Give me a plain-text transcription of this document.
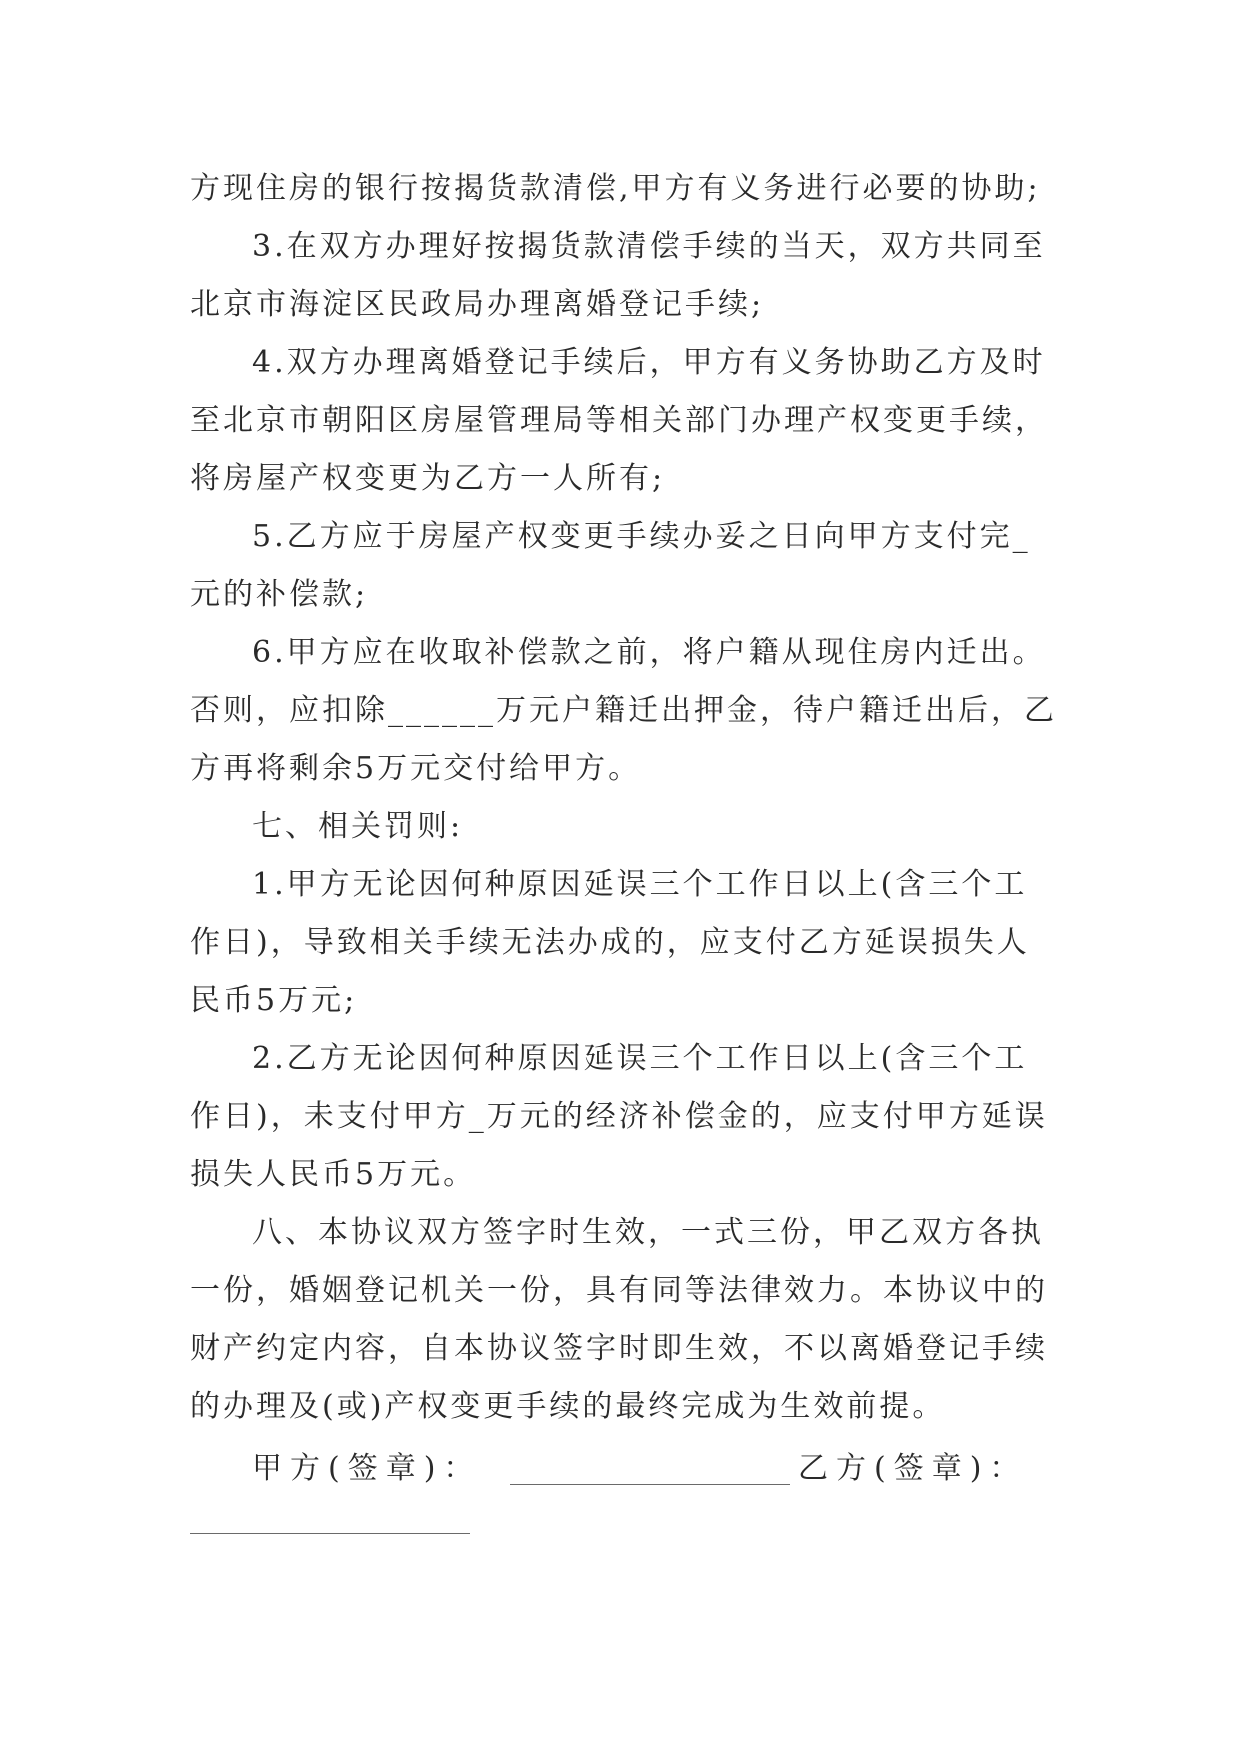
方现住房的银行按揭货款清偿,甲方有义务进行必要的协助;
3.在双方办理好按揭货款清偿手续的当天，双方共同至
北京市海淀区民政局办理离婚登记手续;
4.双方办理离婚登记手续后，甲方有义务协助乙方及时
至北京市朝阳区房屋管理局等相关部门办理产权变更手续，
将房屋产权变更为乙方一人所有;
5.乙方应于房屋产权变更手续办妥之日向甲方支付完_
元的补偿款;
6.甲方应在收取补偿款之前，将户籍从现住房内迁出。
否则，应扣除______万元户籍迁出押金，待户籍迁出后，乙
方再将剩余5万元交付给甲方。
七、相关罚则:
1.甲方无论因何种原因延误三个工作日以上(含三个工
作日)，导致相关手续无法办成的，应支付乙方延误损失人
民币5万元;
2.乙方无论因何种原因延误三个工作日以上(含三个工
作日)，未支付甲方_万元的经济补偿金的，应支付甲方延误
损失人民币5万元。
八、本协议双方签字时生效，一式三份，甲乙双方各执
一份，婚姻登记机关一份，具有同等法律效力。本协议中的
财产约定内容，自本协议签字时即生效，不以离婚登记手续
的办理及(或)产权变更手续的最终完成为生效前提。
甲方(签章)：	乙方(签章)：
